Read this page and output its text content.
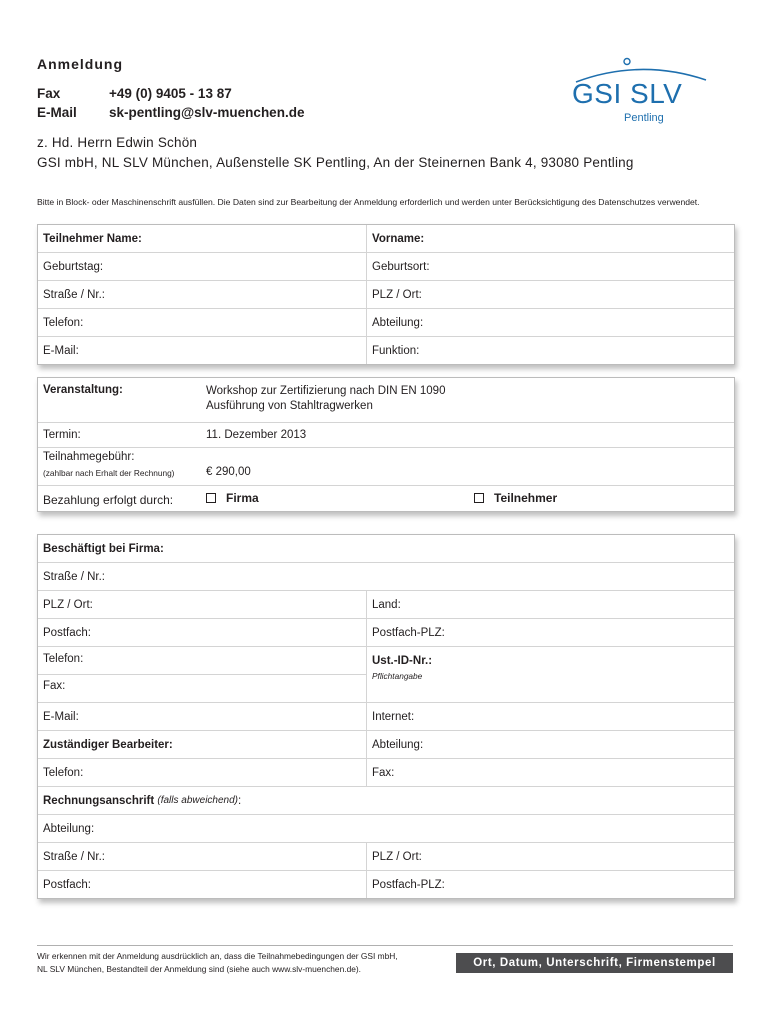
Anmeldung
Fax	+49 (0) 9405 - 13 87
E-Mail sk-pentling@slv-muenchen.de
z. Hd. Herrn Edwin Schön
GSI mbH, NL SLV München, Außenstelle SK Pentling, An der Steinernen Bank 4, 93080 Pentling
Bitte in Block- oder Maschinenschrift ausfüllen. Die Daten sind zur Bearbeitung der Anmeldung erforderlich und werden unter Berücksichtigung des Datenschutzes verwendet.
GSI SLV
Pentling
Teilnehmer Name:	Vorname:
Geburtstag:	Geburtsort:
Straße / Nr.:	PLZ / Ort:
Telefon:	Abteilung:
E-Mail:	Funktion:
Veranstaltung:	Workshop zur Zertifizierung nach DIN EN 1090
Ausführung von Stahltragwerken
Termin:	11. Dezember 2013
Teilnahmegebühr:
(zahlbar nach Erhalt der Rechnung)	€ 290,00
Bezahlung erfolgt durch:	Firma	Teilnehmer
Beschäftigt bei Firma:
Straße / Nr.:
PLZ / Ort:	Land:
Postfach:	Postfach-PLZ:
Telefon:
Fax:
Ust.-ID-Nr.:
Pflichtangabe
E-Mail:	Internet:
Zuständiger Bearbeiter:	Abteilung:
Telefon:	Fax:
Rechnungsanschrift
(falls abweichend) :
Abteilung:
Straße / Nr.:	PLZ / Ort:
Postfach:	Postfach-PLZ:
Wir erkennen mit der Anmeldung ausdrücklich an, dass die Teilnahmebedingungen der GSI mbH,
NL SLV München, Bestandteil der Anmeldung sind (siehe auch www.slv-muenchen.de).	Ort, Datum, Unterschrift, Firmenstempel
